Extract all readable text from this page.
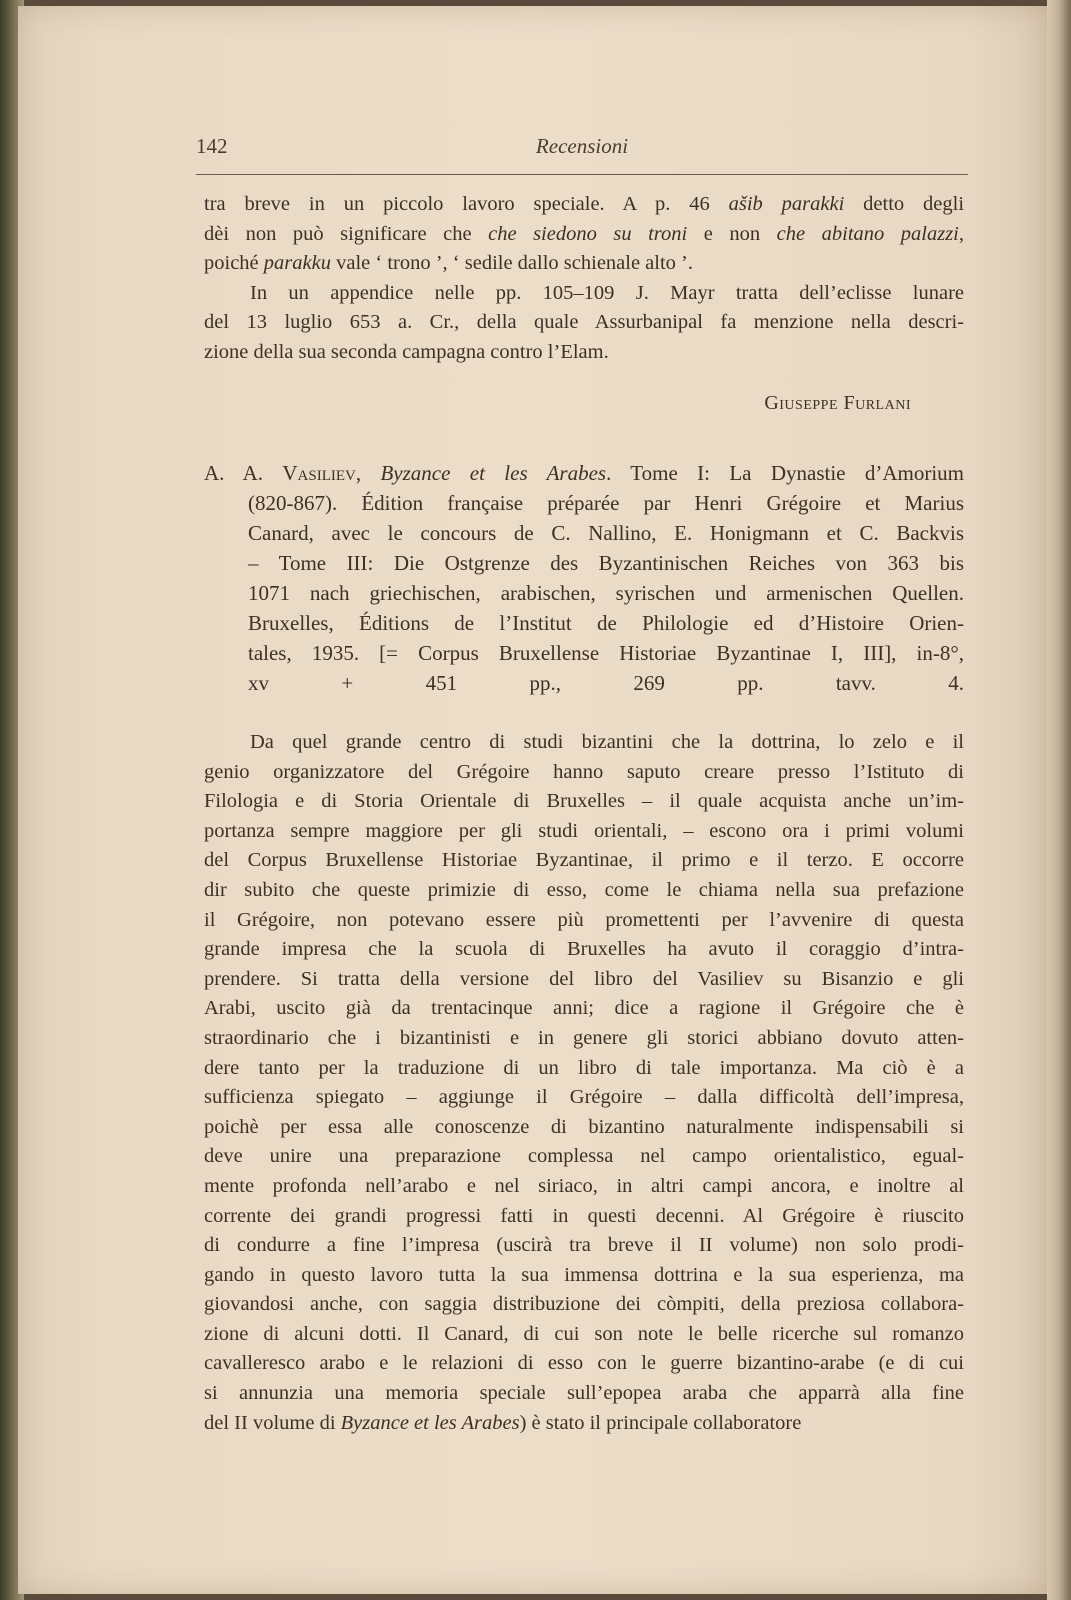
142	Recensioni
tra breve in un piccolo lavoro speciale. A p. 46 ašib parakki detto degli
dèi non può significare che che siedono su troni e non che abitano palazzi,
poiché parakku vale ‘ trono ’, ‘ sedile dallo schienale alto ’.
In un appendice nelle pp. 105–109 J. Mayr tratta dell’eclisse lunare
del 13 luglio 653 a. Cr., della quale Assurbanipal fa menzione nella descri-
zione della sua seconda campagna contro l’Elam.
Giuseppe Furlani
A. A. Vasiliev, Byzance et les Arabes. Tome I: La Dynastie d’Amorium
(820-867). Édition française préparée par Henri Grégoire et Marius
Canard, avec le concours de C. Nallino, E. Honigmann et C. Backvis
– Tome III: Die Ostgrenze des Byzantinischen Reiches von 363 bis
1071 nach griechischen, arabischen, syrischen und armenischen Quellen.
Bruxelles, Éditions de l’Institut de Philologie ed d’Histoire Orien-
tales, 1935. [= Corpus Bruxellense Historiae Byzantinae I, III], in-8°,
xv + 451 pp., 269 pp. tavv. 4.
Da quel grande centro di studi bizantini che la dottrina, lo zelo e il
genio organizzatore del Grégoire hanno saputo creare presso l’Istituto di
Filologia e di Storia Orientale di Bruxelles – il quale acquista anche un’im-
portanza sempre maggiore per gli studi orientali, – escono ora i primi volumi
del Corpus Bruxellense Historiae Byzantinae, il primo e il terzo. E occorre
dir subito che queste primizie di esso, come le chiama nella sua prefazione
il Grégoire, non potevano essere più promettenti per l’avvenire di questa
grande impresa che la scuola di Bruxelles ha avuto il coraggio d’intra-
prendere. Si tratta della versione del libro del Vasiliev su Bisanzio e gli
Arabi, uscito già da trentacinque anni; dice a ragione il Grégoire che è
straordinario che i bizantinisti e in genere gli storici abbiano dovuto atten-
dere tanto per la traduzione di un libro di tale importanza. Ma ciò è a
sufficienza spiegato – aggiunge il Grégoire – dalla difficoltà dell’impresa,
poichè per essa alle conoscenze di bizantino naturalmente indispensabili si
deve unire una preparazione complessa nel campo orientalistico, egual-
mente profonda nell’arabo e nel siriaco, in altri campi ancora, e inoltre al
corrente dei grandi progressi fatti in questi decenni. Al Grégoire è riuscito
di condurre a fine l’impresa (uscirà tra breve il II volume) non solo prodi-
gando in questo lavoro tutta la sua immensa dottrina e la sua esperienza, ma
giovandosi anche, con saggia distribuzione dei còmpiti, della preziosa collabora-
zione di alcuni dotti. Il Canard, di cui son note le belle ricerche sul romanzo
cavalleresco arabo e le relazioni di esso con le guerre bizantino-arabe (e di cui
si annunzia una memoria speciale sull’epopea araba che apparrà alla fine
del II volume di Byzance et les Arabes) è stato il principale collaboratore
